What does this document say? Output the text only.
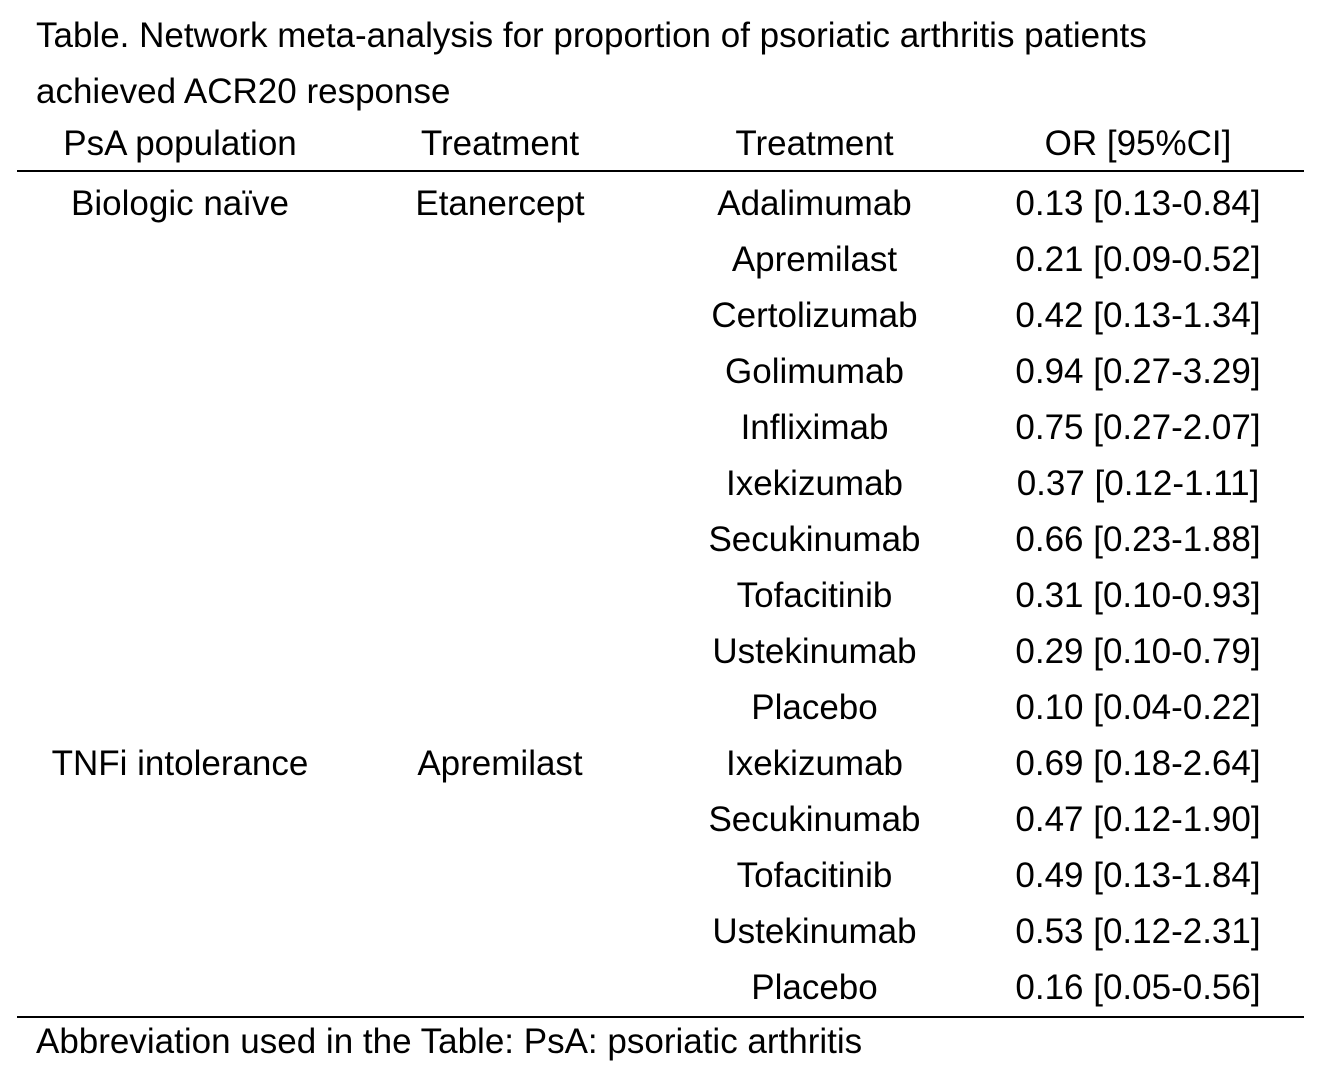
Table. Network meta-analysis for proportion of psoriatic arthritis patients
achieved ACR20 response
PsA population	Treatment	Treatment	OR [95%CI]
Biologic naïve	Etanercept	Adalimumab	0.13 [0.13-0.84]
Apremilast	0.21 [0.09-0.52]
Certolizumab	0.42 [0.13-1.34]
Golimumab	0.94 [0.27-3.29]
Infliximab	0.75 [0.27-2.07]
Ixekizumab	0.37 [0.12-1.11]
Secukinumab	0.66 [0.23-1.88]
Tofacitinib	0.31 [0.10-0.93]
Ustekinumab	0.29 [0.10-0.79]
Placebo	0.10 [0.04-0.22]
TNFi intolerance	Apremilast	Ixekizumab	0.69 [0.18-2.64]
Secukinumab	0.47 [0.12-1.90]
Tofacitinib	0.49 [0.13-1.84]
Ustekinumab	0.53 [0.12-2.31]
Placebo	0.16 [0.05-0.56]
Abbreviation used in the Table: PsA: psoriatic arthritis
